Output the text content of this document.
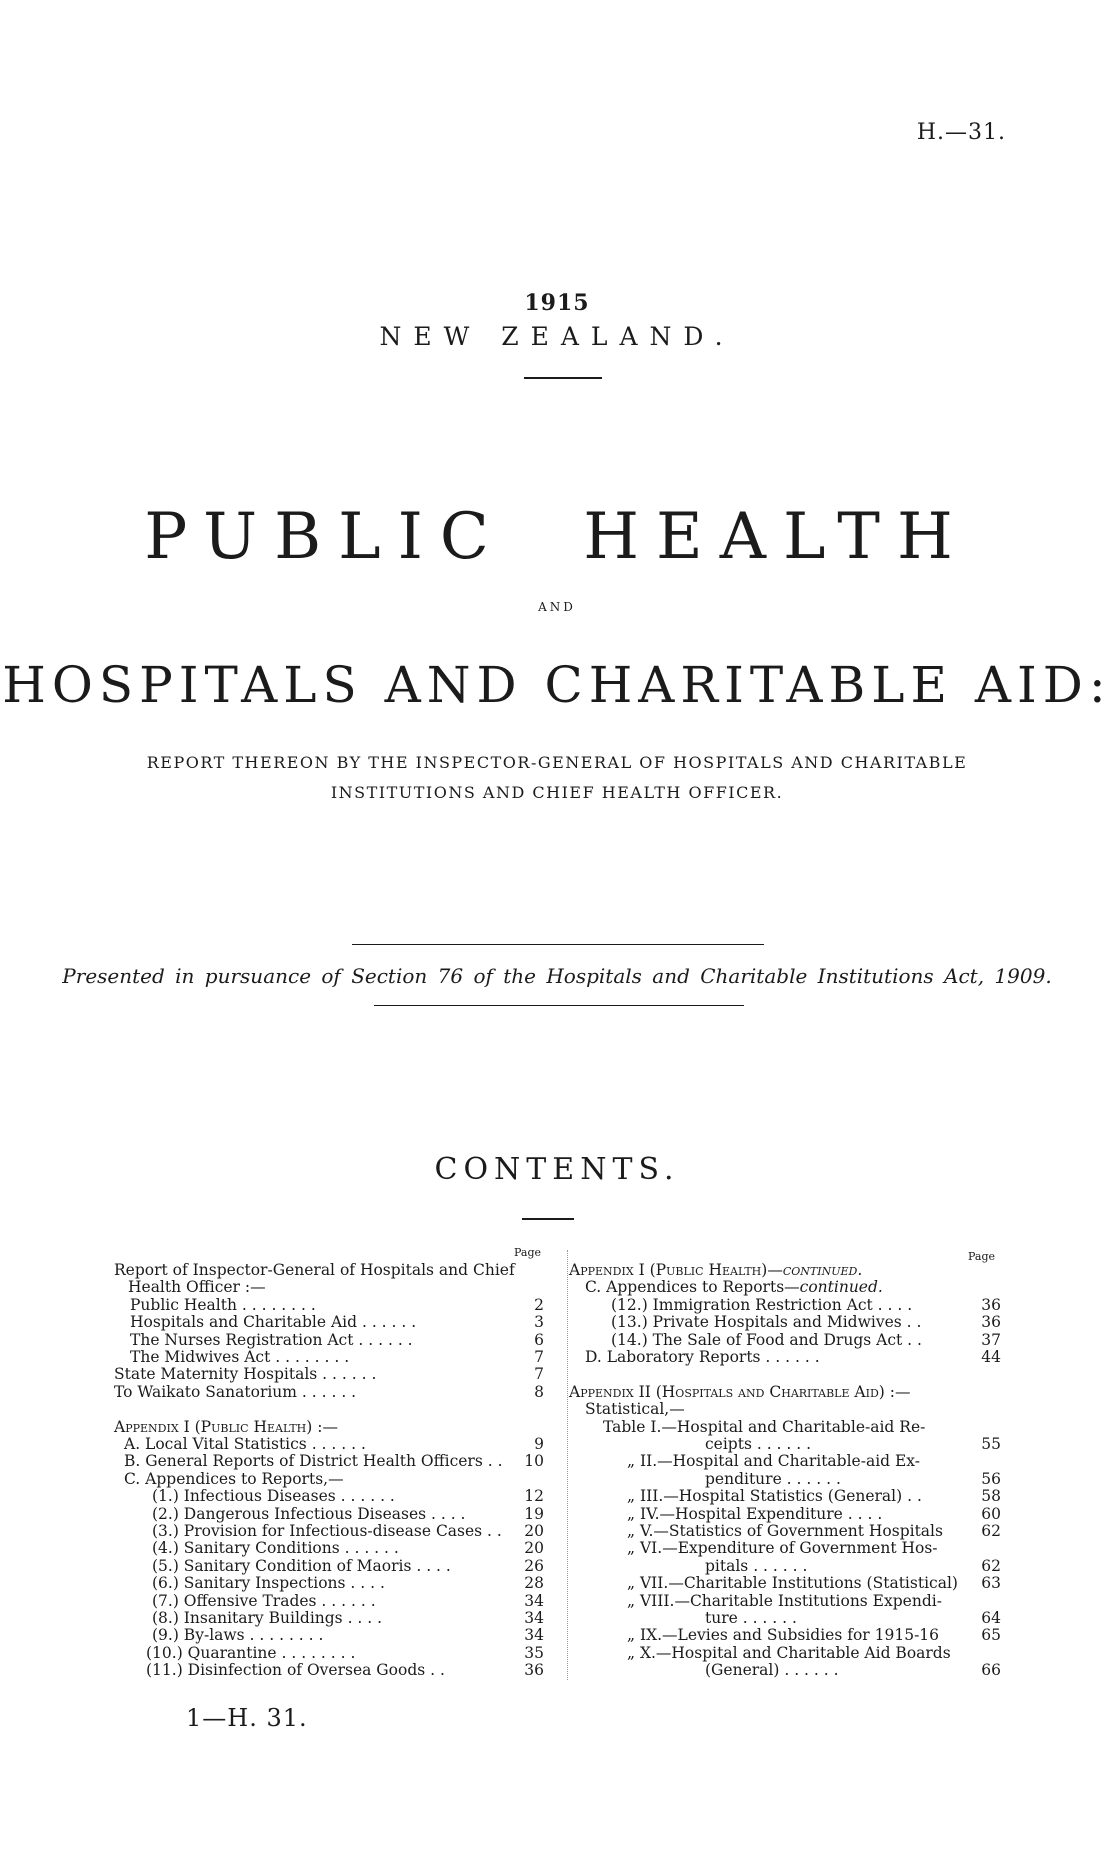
H.—31.
1915
NEW ZEALAND.
PUBLIC HEALTH
AND
HOSPITALS AND CHARITABLE AID:
REPORT THEREON BY THE INSPECTOR-GENERAL OF HOSPITALS AND CHARITABLE
INSTITUTIONS AND CHIEF HEALTH OFFICER.
Presented in pursuance of Section 76 of the Hospitals and Charitable Institutions Act, 1909.
CONTENTS.
Page	Page
Report of Inspector-General of Hospitals and Chief
Health Officer :—
Public Health . . . . . . . .	2
Hospitals and Charitable Aid . . . . . .	3
The Nurses Registration Act . . . . . .	6
The Midwives Act . . . . . . . .	7
State Maternity Hospitals . . . . . .	7
To Waikato Sanatorium . . . . . .	8
Appendix I (Public Health) :—
A. Local Vital Statistics . . . . . .	9
B. General Reports of District Health Officers . .	10
C. Appendices to Reports,—
(1.) Infectious Diseases . . . . . .	12
(2.) Dangerous Infectious Diseases . . . .	19
(3.) Provision for Infectious-disease Cases . .	20
(4.) Sanitary Conditions . . . . . .	20
(5.) Sanitary Condition of Maoris . . . .	26
(6.) Sanitary Inspections . . . .	28
(7.) Offensive Trades . . . . . .	34
(8.) Insanitary Buildings . . . .	34
(9.) By-laws . . . . . . . .	34
(10.) Quarantine . . . . . . . .	35
(11.) Disinfection of Oversea Goods . .	36
Appendix I (Public Health)—continued.
C. Appendices to Reports—continued.
(12.) Immigration Restriction Act . . . .	36
(13.) Private Hospitals and Midwives . .	36
(14.) The Sale of Food and Drugs Act . .	37
D. Laboratory Reports . . . . . .	44
Appendix II (Hospitals and Charitable Aid) :—
Statistical,—
Table I.—Hospital and Charitable-aid Re-
ceipts . . . . . .	55
„ II.—Hospital and Charitable-aid Ex-
penditure . . . . . .	56
„ III.—Hospital Statistics (General) . .	58
„ IV.—Hospital Expenditure . . . .	60
„ V.—Statistics of Government Hospitals	62
„ VI.—Expenditure of Government Hos-
pitals . . . . . .	62
„ VII.—Charitable Institutions (Statistical)	63
„ VIII.—Charitable Institutions Expendi-
ture . . . . . .	64
„ IX.—Levies and Subsidies for 1915-16	65
„ X.—Hospital and Charitable Aid Boards
(General) . . . . . .	66
1—H. 31.
